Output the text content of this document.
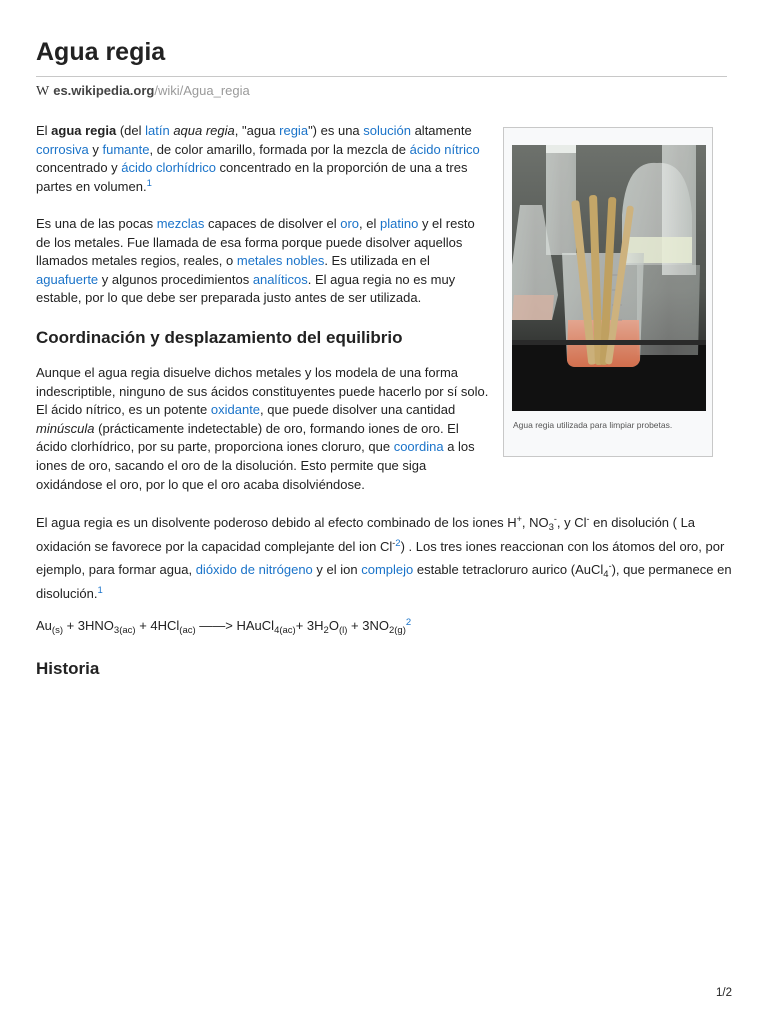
Agua regia
W es.wikipedia.org/wiki/Agua_regia

El agua regia (del latín aqua regia, "agua regia") es una solución altamente corrosiva y fumante, de color amarillo, formada por la mezcla de ácido nítrico concentrado y ácido clorhídrico concentrado en la proporción de una a tres partes en volumen.$^1$

Es una de las pocas mezclas capaces de disolver el oro, el platino y el resto de los metales. Fue llamada de esa forma porque puede disolver aquellos llamados metales regios, reales, o metales nobles. Es utilizada en el aguafuerte y algunos procedimientos analíticos. El agua regia no es muy estable, por lo que debe ser preparada justo antes de ser utilizada.

Coordinación y desplazamiento del equilibrio

Aunque el agua regia disuelve dichos metales y los modela de una forma indescriptible, ninguno de sus ácidos constituyentes puede hacerlo por sí solo. El ácido nítrico, es un potente oxidante, que puede disolver una cantidad minúscula (prácticamente indetectable) de oro, formando iones de oro. El ácido clorhídrico, por su parte, proporciona iones cloruro, que coordina a los iones de oro, sacando el oro de la disolución. Esto permite que siga oxidándose el oro, por lo que el oro acaba disolviéndose.

El agua regia es un disolvente poderoso debido al efecto combinado de los iones H+, $NO_3^-$, y Cl- en disolución ( La oxidación se favorece por la capacidad complejante del ion Cl$^{-2}$) . Los tres iones reaccionan con los átomos del oro, por ejemplo, para formar agua, dióxido de nitrógeno y el ion complejo estable tetracloruro aurico (AuCl$_4$-), que permanece en disolución.$^1$

$Au_{(s)} + 3HNO_{3(ac)} + 4HCl_{(ac)}$ ——> HAuCl$_{4(ac)}$+ $3H_2O_{(l)} + 3NO_{2(g)}^2$
Historia
Agua regia utilizada para limpiar probetas.
1/2
